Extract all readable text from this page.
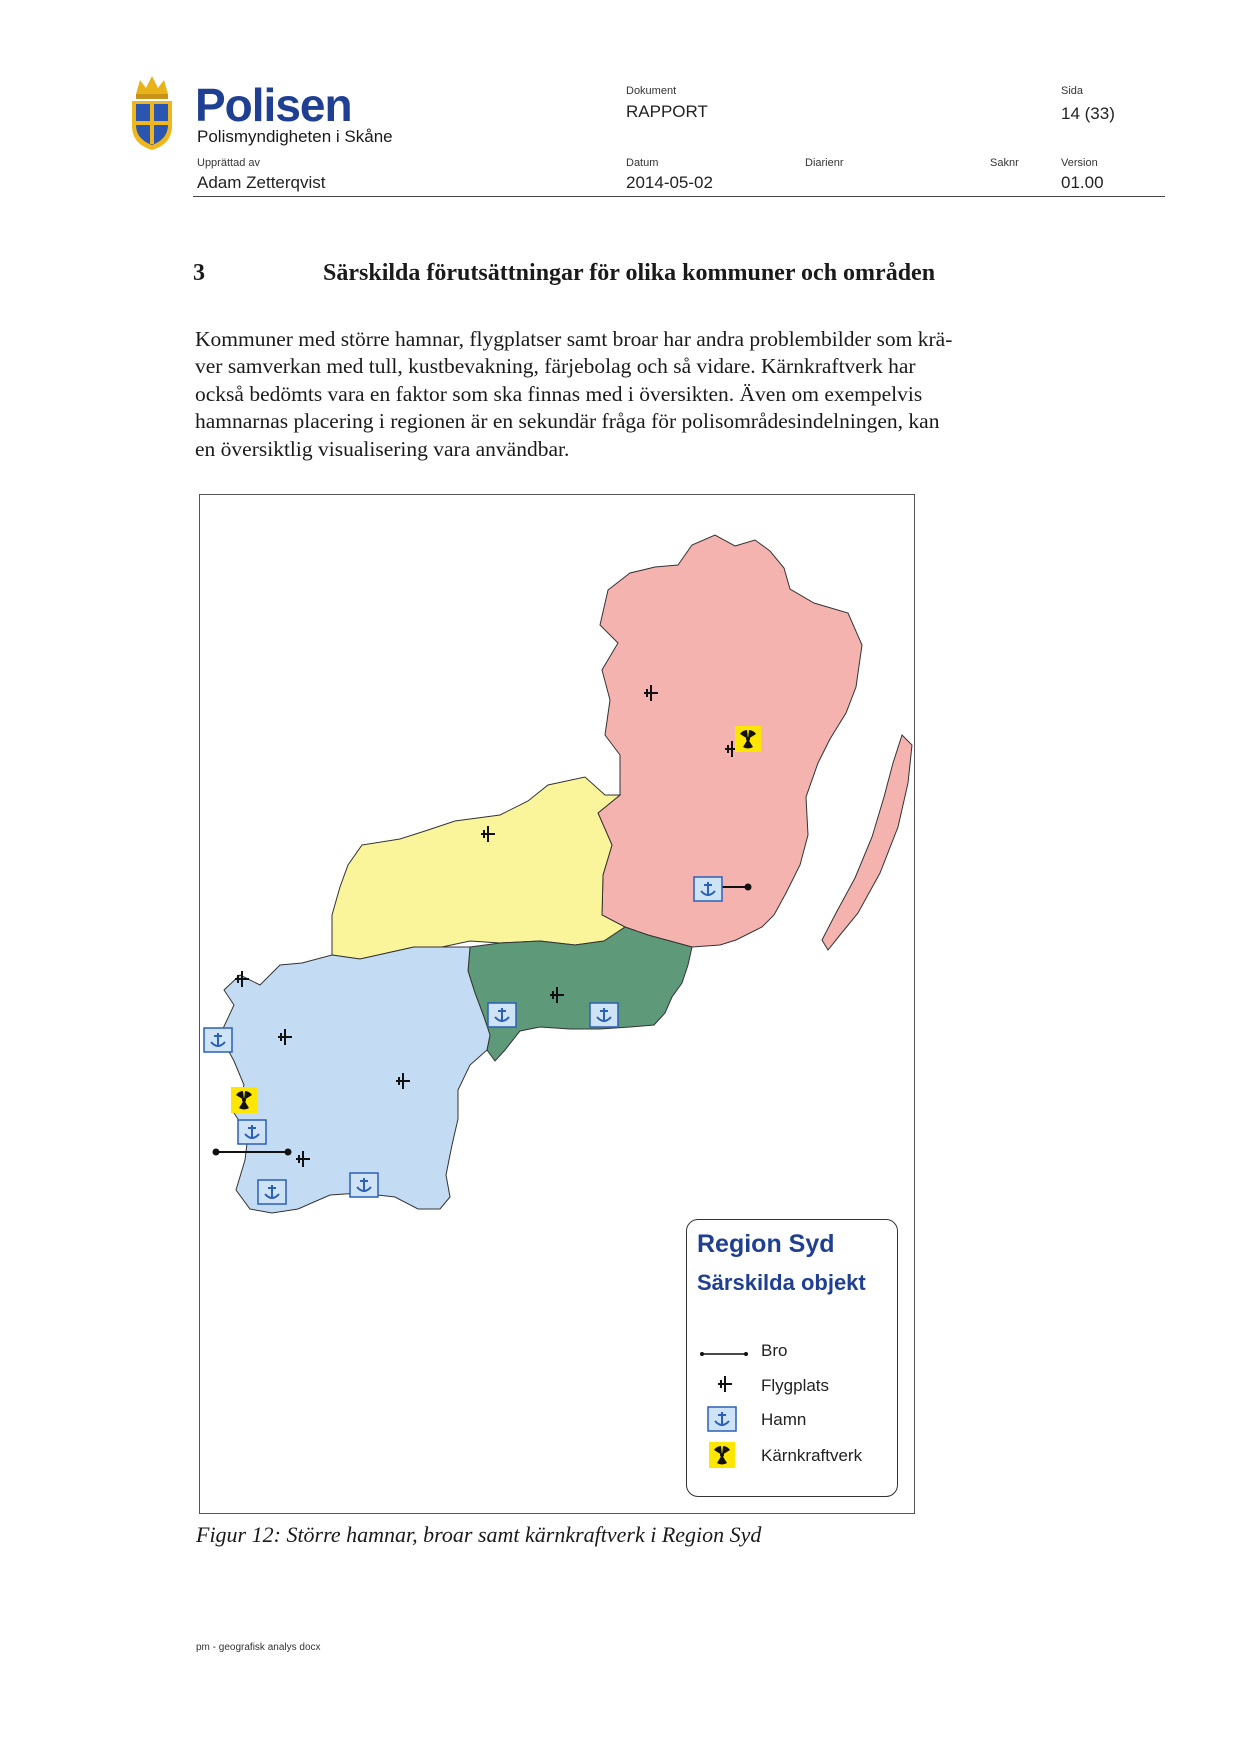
Polisen
Polismyndigheten i Skåne
Upprättad av
Adam Zetterqvist
Dokument
RAPPORT
Datum
2014-05-02
Diarienr	Saknr
Sida
14 (33)
Version
01.00
3	Särskilda förutsättningar för olika kommuner och områden
Kommuner med större hamnar, flygplatser samt broar har andra problembilder som krä-
ver samverkan med tull, kustbevakning, färjebolag och så vidare. Kärnkraftverk har
också bedömts vara en faktor som ska finnas med i översikten. Även om exempelvis
hamnarnas placering i regionen är en sekundär fråga för polisområdesindelningen, kan
en översiktlig visualisering vara användbar.
Region Syd
Särskilda objekt
Bro
Flygplats
Hamn
Kärnkraftverk
Figur 12: Större hamnar, broar samt kärnkraftverk i Region Syd
pm - geografisk analys docx
